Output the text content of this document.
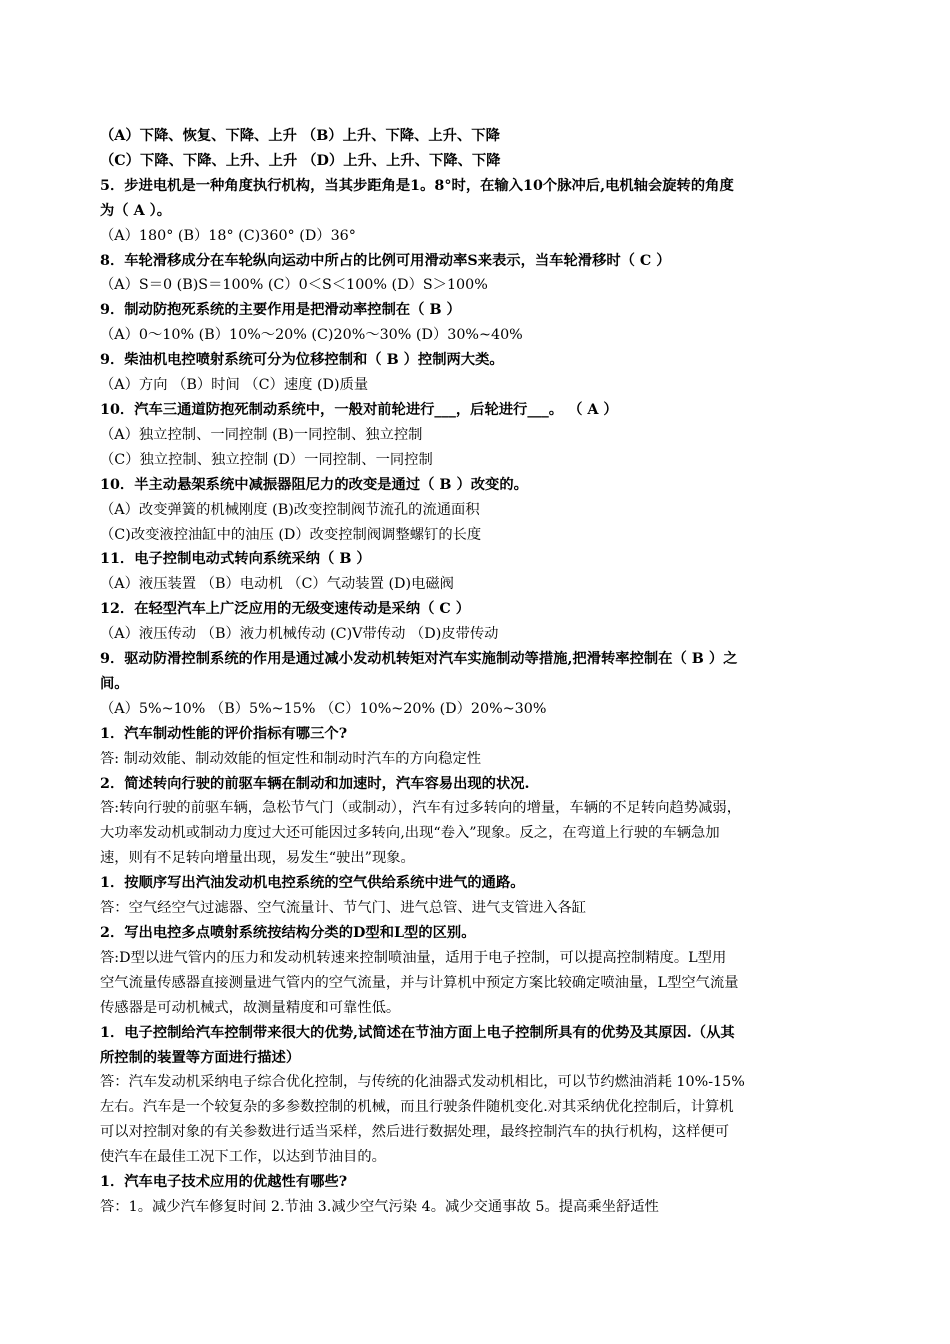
（A）下降、恢复、下降、上升 （B）上升、下降、上升、下降

（C）下降、下降、上升、上升 （D）上升、上升、下降、下降

5．步进电机是一种角度执行机构，当其步距角是1。8°时，在输入10个脉冲后,电机轴会旋转的角度

为（ A ）。

（A）180° (B）18° (C)360° (D）36°

8．车轮滑移成分在车轮纵向运动中所占的比例可用滑动率S来表示，当车轮滑移时（ C ）

（A）S＝0 (B)S＝100% (C）0＜S＜100% (D）S＞100%

9．制动防抱死系统的主要作用是把滑动率控制在（ B ）

（A）0～10% (B）10%～20% (C)20%～30% (D）30%~40%

9．柴油机电控喷射系统可分为位移控制和（ B ）控制两大类。

（A）方向 （B）时间 （C）速度 (D)质量

10．汽车三通道防抱死制动系统中，一般对前轮进行___，后轮进行___。 （ A ）

（A）独立控制、一同控制 (B)一同控制、独立控制

（C）独立控制、独立控制 (D）一同控制、一同控制

10．半主动悬架系统中减振器阻尼力的改变是通过（ B ）改变的。

（A）改变弹簧的机械刚度 (B)改变控制阀节流孔的流通面积

（C)改变液控油缸中的油压 (D）改变控制阀调整螺钉的长度

11．电子控制电动式转向系统采纳（ B ）

（A）液压装置 （B）电动机 （C）气动装置 (D)电磁阀

12．在轻型汽车上广泛应用的无级变速传动是采纳（ C ）

（A）液压传动 （B）液力机械传动 (C)V带传动 （D)皮带传动

9．驱动防滑控制系统的作用是通过减小发动机转矩对汽车实施制动等措施,把滑转率控制在（ B ）之

间。

（A）5%~10% （B）5%~15% （C）10%~20% (D）20%~30%

1．汽车制动性能的评价指标有哪三个?

答: 制动效能、制动效能的恒定性和制动时汽车的方向稳定性

2．简述转向行驶的前驱车辆在制动和加速时，汽车容易出现的状况.

答:转向行驶的前驱车辆，急松节气门（或制动），汽车有过多转向的增量，车辆的不足转向趋势减弱，

大功率发动机或制动力度过大还可能因过多转向,出现“卷入”现象。反之，在弯道上行驶的车辆急加

速，则有不足转向增量出现，易发生“驶出”现象。

1．按顺序写出汽油发动机电控系统的空气供给系统中进气的通路。

答：空气经空气过滤器、空气流量计、节气门、进气总管、进气支管进入各缸

2．写出电控多点喷射系统按结构分类的D型和L型的区别。

答:D型以进气管内的压力和发动机转速来控制喷油量，适用于电子控制，可以提高控制精度。L型用

空气流量传感器直接测量进气管内的空气流量，并与计算机中预定方案比较确定喷油量，L型空气流量

传感器是可动机械式，故测量精度和可靠性低。

1．电子控制给汽车控制带来很大的优势,试简述在节油方面上电子控制所具有的优势及其原因.（从其

所控制的装置等方面进行描述）

答：汽车发动机采纳电子综合优化控制，与传统的化油器式发动机相比，可以节约燃油消耗 10%-15%

左右。汽车是一个较复杂的多参数控制的机械，而且行驶条件随机变化.对其采纳优化控制后，计算机

可以对控制对象的有关参数进行适当采样，然后进行数据处理，最终控制汽车的执行机构，这样便可

使汽车在最佳工况下工作，以达到节油目的。

1．汽车电子技术应用的优越性有哪些?

答：1。减少汽车修复时间 2.节油 3.减少空气污染 4。减少交通事故 5。提高乘坐舒适性
